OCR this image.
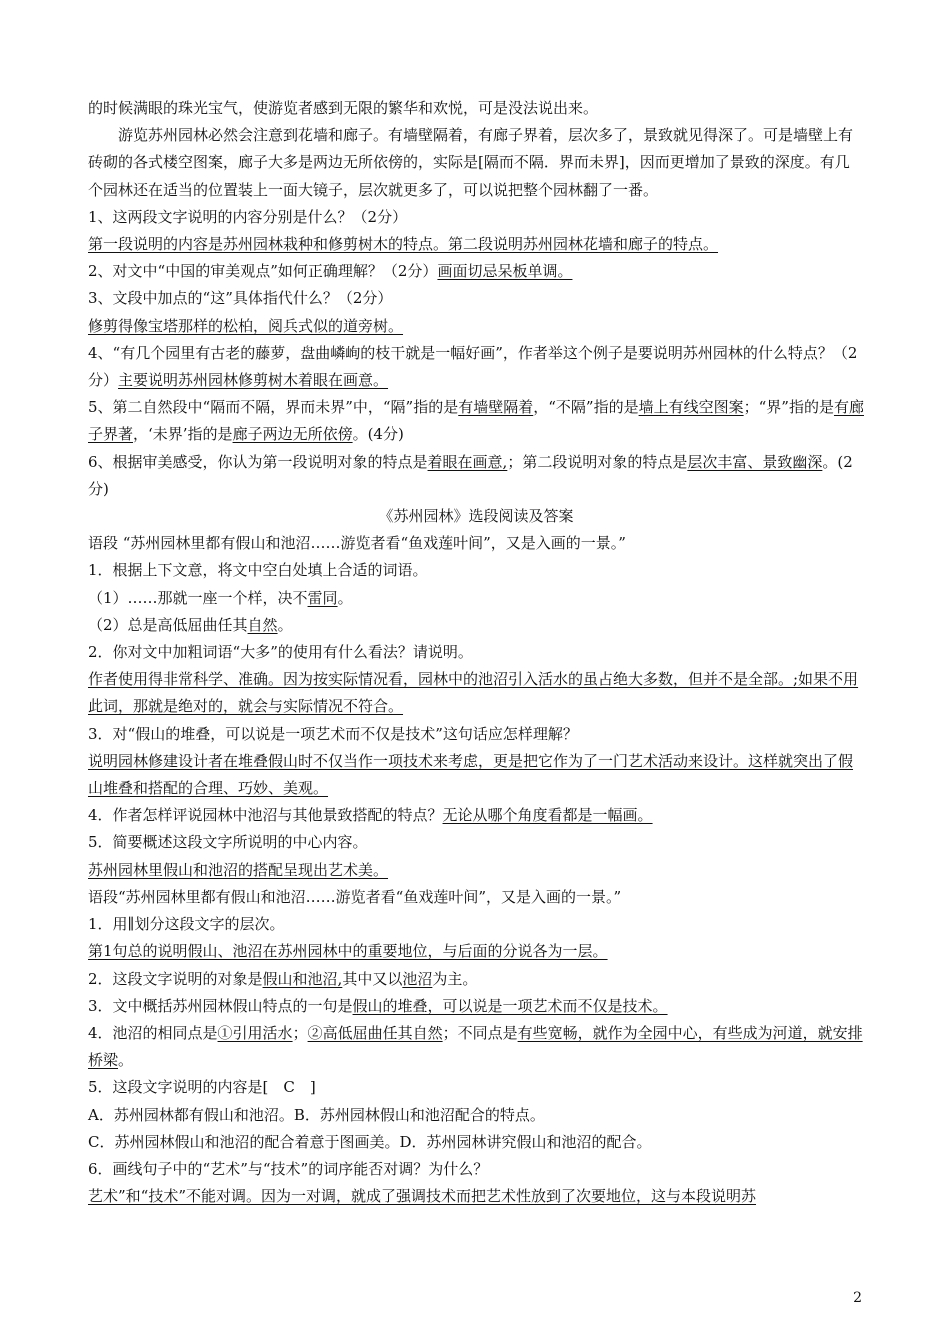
的时候满眼的珠光宝气，使游览者感到无限的繁华和欢悦，可是没法说出来。

游览苏州园林必然会注意到花墙和廊子。有墙壁隔着，有廊子界着，层次多了，景致就见得深了。可是墙壁上有砖砌的各式楼空图案，廊子大多是两边无所依傍的，实际是[隔而不隔．界而未界]，因而更增加了景致的深度。有几个园林还在适当的位置装上一面大镜子，层次就更多了，可以说把整个园林翻了一番。

1、这两段文字说明的内容分别是什么？（2分）

第一段说明的内容是苏州园林栽种和修剪树木的特点。第二段说明苏州园林花墙和廊子的特点。

2、对文中“中国的审美观点”如何正确理解？（2分）画面切忌呆板单调。

3、文段中加点的“这”具体指代什么？（2分）

修剪得像宝塔那样的松柏，阅兵式似的道旁树。

4、“有几个园里有古老的藤萝，盘曲嶙峋的枝干就是一幅好画”，作者举这个例子是要说明苏州园林的什么特点？（2分）主要说明苏州园林修剪树木着眼在画意。

5、第二自然段中“隔而不隔，界而未界”中，“隔”指的是有墙壁隔着，“不隔”指的是墙上有线空图案；“界”指的是有廊子界著，‘未界’指的是廊子两边无所依傍。(4分)

6、根据审美感受，你认为第一段说明对象的特点是着眼在画意,；第二段说明对象的特点是层次丰富、景致幽深。(2分)

《苏州园林》选段阅读及答案

语段 “苏州园林里都有假山和池沼……游览者看“鱼戏莲叶间”，又是入画的一景。”

1．根据上下文意，将文中空白处填上合适的词语。

（1）……那就一座一个样，决不雷同。

（2）总是高低屈曲任其自然。

2．你对文中加粗词语“大多”的使用有什么看法？请说明。

作者使用得非常科学、准确。因为按实际情况看，园林中的池沼引入活水的虽占绝大多数，但并不是全部。;如果不用此词，那就是绝对的，就会与实际情况不符合。

3．对“假山的堆叠，可以说是一项艺术而不仅是技术”这句话应怎样理解？

说明园林修建设计者在堆叠假山时不仅当作一项技术来考虑，更是把它作为了一门艺术活动来设计。这样就突出了假山堆叠和搭配的合理、巧妙、美观。

4．作者怎样评说园林中池沼与其他景致搭配的特点？无论从哪个角度看都是一幅画。

5．简要概述这段文字所说明的中心内容。

苏州园林里假山和池沼的搭配呈现出艺术美。

语段“苏州园林里都有假山和池沼……游览者看“鱼戏莲叶间”，又是入画的一景。”

1．用∥划分这段文字的层次。

第1句总的说明假山、池沼在苏州园林中的重要地位，与后面的分说各为一层。

2．这段文字说明的对象是假山和池沼,其中又以池沼为主。

3．文中概括苏州园林假山特点的一句是假山的堆叠，可以说是一项艺术而不仅是技术。

4．池沼的相同点是①引用活水；②高低屈曲任其自然；不同点是有些宽畅，就作为全园中心，有些成为河道，就安排桥梁。

5．这段文字说明的内容是[　C　]

A．苏州园林都有假山和池沼。B．苏州园林假山和池沼配合的特点。

C．苏州园林假山和池沼的配合着意于图画美。D．苏州园林讲究假山和池沼的配合。

6．画线句子中的“艺术”与“技术”的词序能否对调？为什么？

艺术”和“技术”不能对调。因为一对调，就成了强调技术而把艺术性放到了次要地位，这与本段说明苏

2
